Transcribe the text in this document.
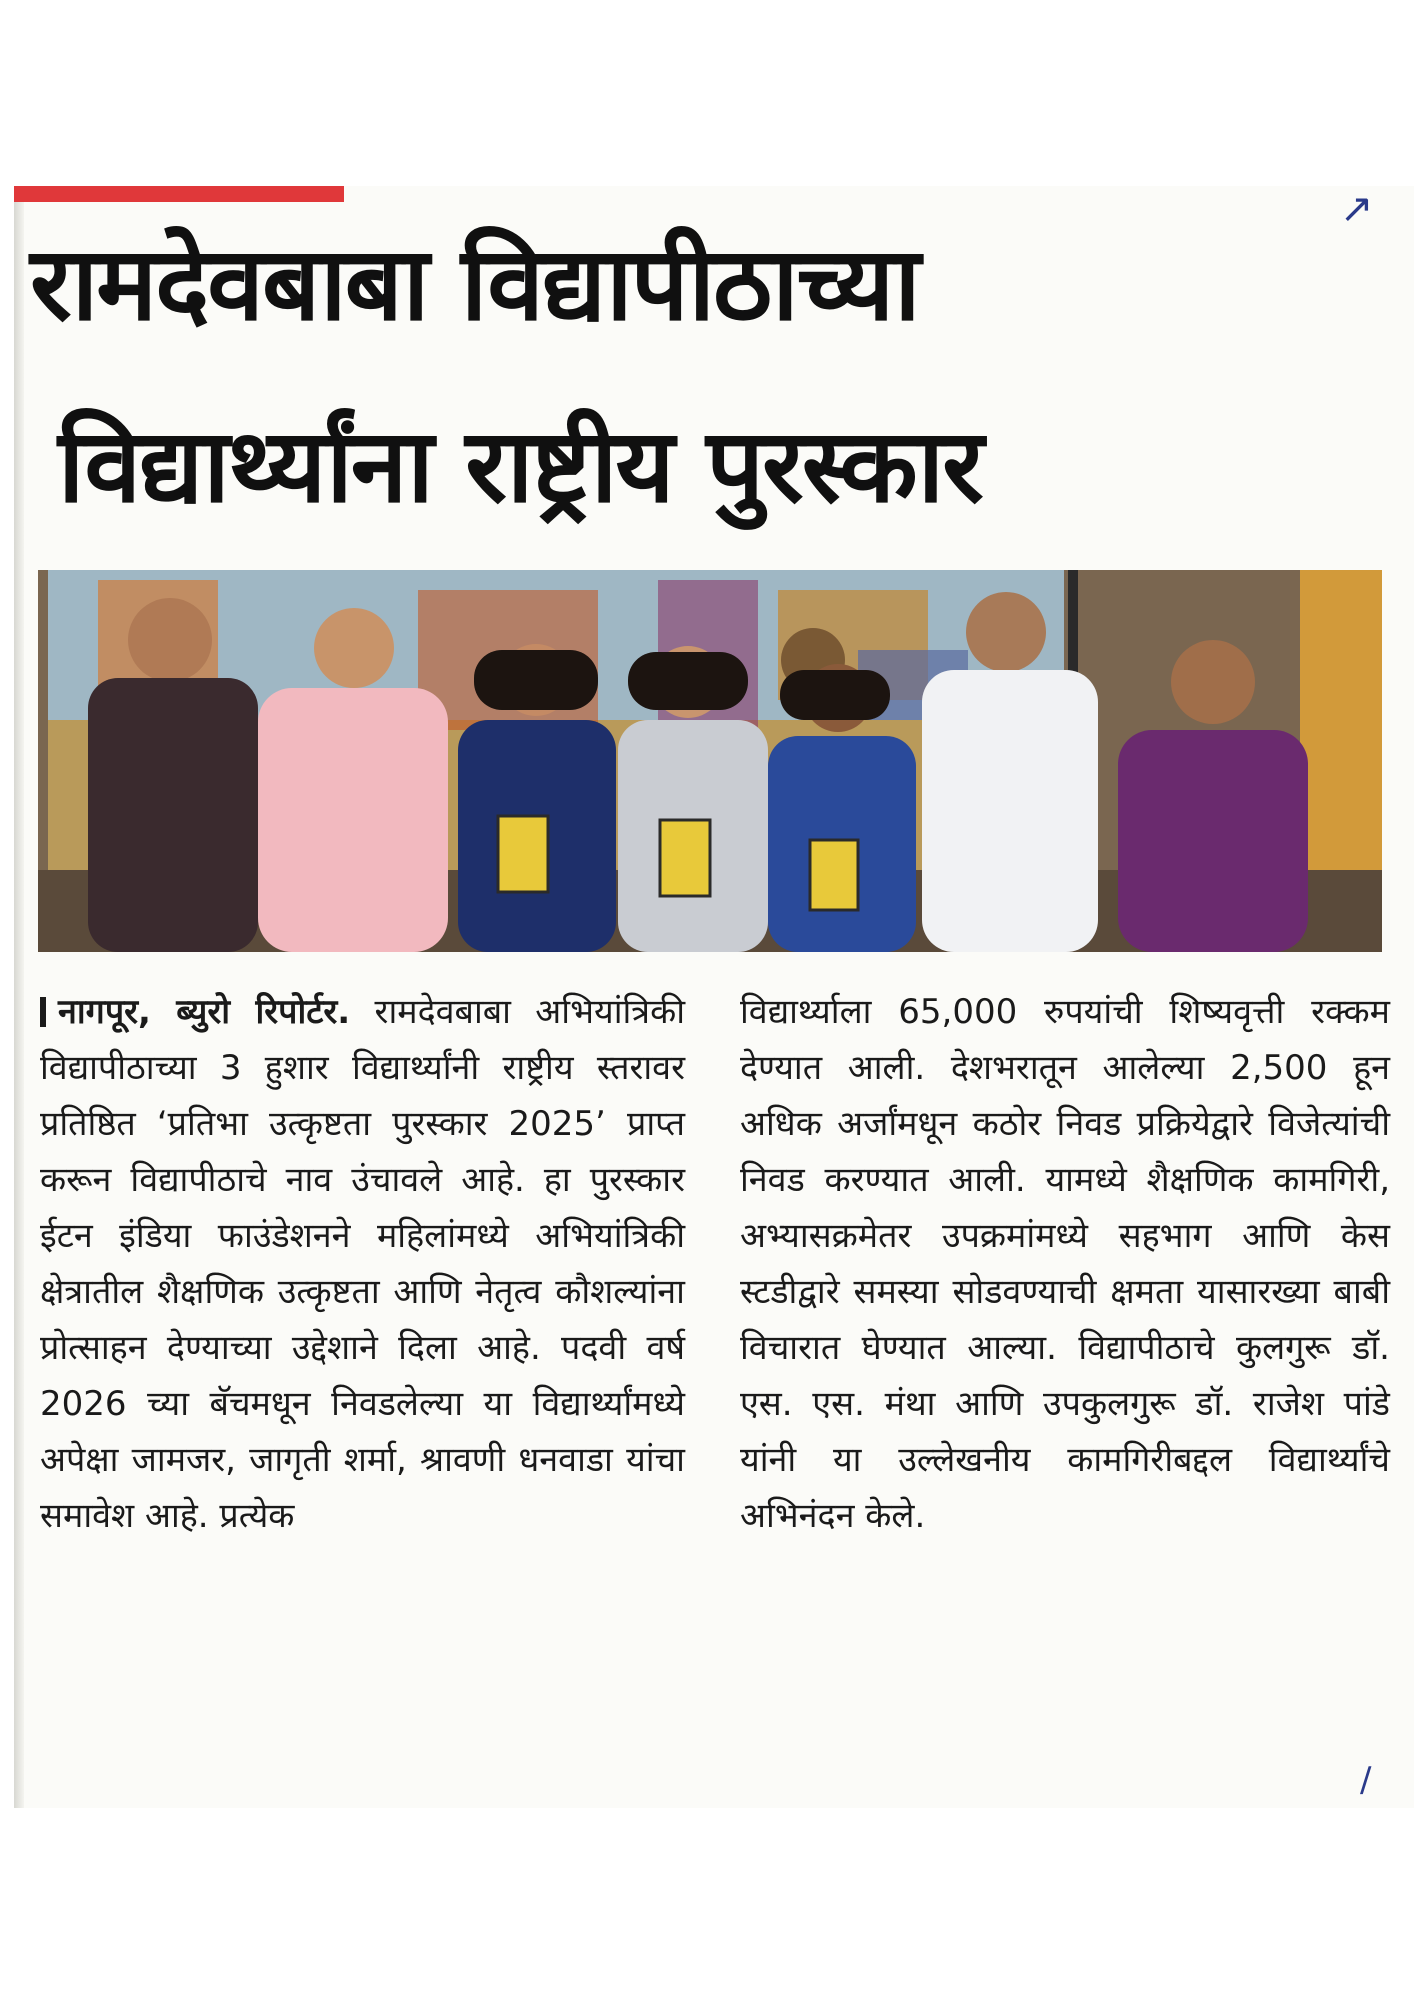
रामदेवबाबा विद्यापीठाच्या
विद्यार्थ्यांना राष्ट्रीय पुरस्कार

नागपूर, ब्युरो रिपोर्टर. रामदेवबाबा अभियांत्रिकी विद्यापीठाच्या 3 हुशार विद्यार्थ्यांनी राष्ट्रीय स्तरावर प्रतिष्ठित ‘प्रतिभा उत्कृष्टता पुरस्कार 2025’ प्राप्त करून विद्यापीठाचे नाव उंचावले आहे. हा पुरस्कार ईटन इंडिया फाउंडेशनने महिलांमध्ये अभियांत्रिकी क्षेत्रातील शैक्षणिक उत्कृष्टता आणि नेतृत्व कौशल्यांना प्रोत्साहन देण्याच्या उद्देशाने दिला आहे. पदवी वर्ष 2026 च्या बॅचमधून निवडलेल्या या विद्यार्थ्यांमध्ये अपेक्षा जामजर, जागृती शर्मा, श्रावणी धनवाडा यांचा समावेश आहे. प्रत्येक

विद्यार्थ्याला 65,000 रुपयांची शिष्यवृत्ती रक्कम देण्यात आली. देशभरातून आलेल्या 2,500 हून अधिक अर्जांमधून कठोर निवड प्रक्रियेद्वारे विजेत्यांची निवड करण्यात आली. यामध्ये शैक्षणिक कामगिरी, अभ्यासक्रमेतर उपक्रमांमध्ये सहभाग आणि केस स्टडीद्वारे समस्या सोडवण्याची क्षमता यासारख्या बाबी विचारात घेण्यात आल्या. विद्यापीठाचे कुलगुरू डॉ. एस. एस. मंथा आणि उपकुलगुरू डॉ. राजेश पांडे यांनी या उल्लेखनीय कामगिरीबद्दल विद्यार्थ्यांचे अभिनंदन केले.

↗
∕
